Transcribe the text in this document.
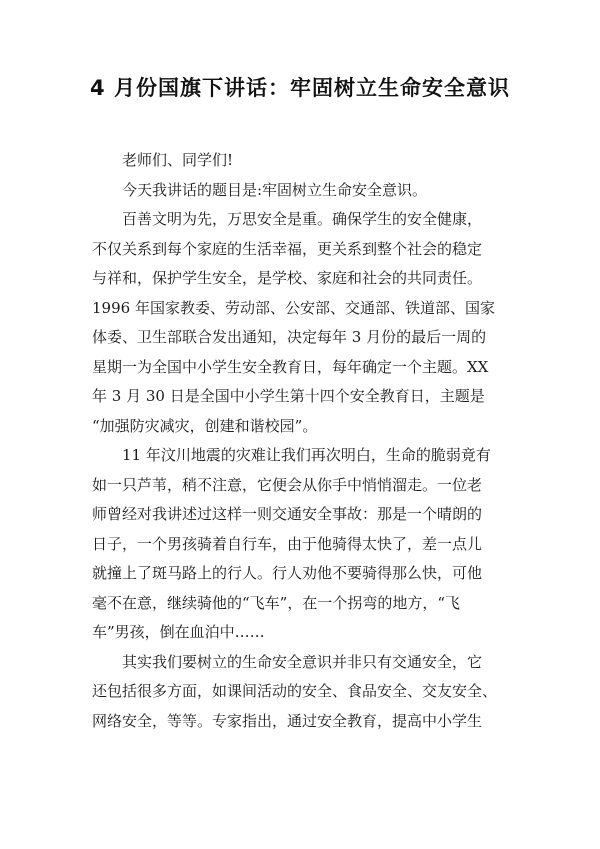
4 月份国旗下讲话：牢固树立生命安全意识
老师们、同学们!
今天我讲话的题目是:牢固树立生命安全意识。
百善文明为先，万思安全是重。确保学生的安全健康，
不仅关系到每个家庭的生活幸福，更关系到整个社会的稳定
与祥和，保护学生安全，是学校、家庭和社会的共同责任。
1996 年国家教委、劳动部、公安部、交通部、铁道部、国家
体委、卫生部联合发出通知，决定每年 3 月份的最后一周的
星期一为全国中小学生安全教育日，每年确定一个主题。XX
年 3 月 30 日是全国中小学生第十四个安全教育日，主题是
“加强防灾减灾，创建和谐校园”。
11 年汶川地震的灾难让我们再次明白，生命的脆弱竟有
如一只芦苇，稍不注意，它便会从你手中悄悄溜走。一位老
师曾经对我讲述过这样一则交通安全事故：那是一个晴朗的
日子，一个男孩骑着自行车，由于他骑得太快了，差一点儿
就撞上了斑马路上的行人。行人劝他不要骑得那么快，可他
毫不在意，继续骑他的“飞车”，在一个拐弯的地方，“飞
车”男孩，倒在血泊中……
其实我们要树立的生命安全意识并非只有交通安全，它
还包括很多方面，如课间活动的安全、食品安全、交友安全、
网络安全，等等。专家指出，通过安全教育，提高中小学生
